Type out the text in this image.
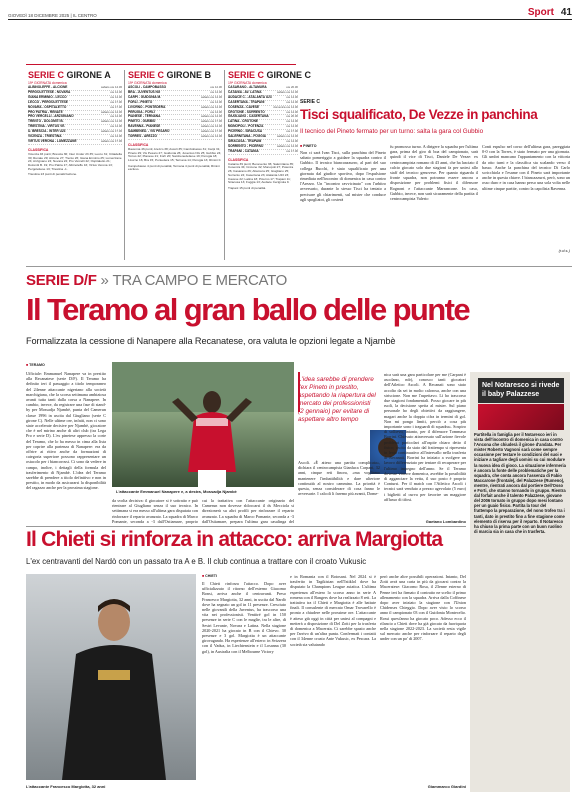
GIOVEDÌ 18 DICEMBRE 2025 | IL CENTRO	Sport 41
SERIE C GIRONE A
19ª GIORNATA domenica
ALBINOLEFFE - ALCIONE	sabato ore 14.30
PERGOLETTESE - NOVARA	ore 14.30
GIANA ERMINIO - LECCO	ore 14.30
LECCO - PERGOLETTESE	ore 17.30
NOVARA - OSPITALETTO	ore 17.30
PRO PATRIA - RENATE	sabato ore 14.30
PRO VERCELLI - ARZIGNANO	ore 14.30
TRENTO - DOLOMITI B.	sabato ore 14.30
TRIESTINA - VIRTUS VE.	ore 14.30
U. BRESCIA - INTER U23	sabato ore 17.30
VICENZA - TRIESTINA	ore 14.30
VIRTUS VERONA - LUMEZZANE	sabato ore 17.30
CLASSIFICA
Vicenza 46 punti; Brescia 36; Inter Under 23 35; Lecco 31; Cittadella 30; Renate 29; Alcione 27; Trento 26; Giana Erminio 25; Lumezzane 24; Arzignano 24; Novara 22; Pro Vercelli 22; Ospitaletto 21; Dolomiti B. 19; Pro Patria 17; Albinoleffe 16; Virtus Verona 13; Pergolettese 13; Triestina -1.
Triestina 23 punti di penalizzazione.
SERIE C GIRONE B
19ª GIORNATA domenica
ASCOLI - CAMPOBASSO	ore 12.30
BRA - JUVENTUS NG	ore 14.30
CARPI - GUIDONIA M.	sabato ore 14.30
FORLÌ - PINETO	ore 14.30
LIVORNO - PONTEDERA	sabato ore 14.30
PERUGIA - FORLÌ	ore 14.30
PIANESE - TERNANA	sabato ore 14.30
PINETO - GUBBIO	sabato ore 17.30
RAVENNA - PIANESE	sabato ore 14.30
SAMBENED. - VIS PESARO	sabato ore 17.30
TORRES - AREZZO	sabato ore 14.30
CLASSIFICA
Ravenna 46 punti; Arezzo 38; Ascoli 35; Cambobasso 31; Carpi 31; Pineto 29; Vis Pesaro 27; Guidonia 26; Juventus NG 25; Gubbio 24; Torres 22; Pianese 21; Forlì 20; Sambenedettese 19; Perugia 18; Livorno 16; Bra 15; Pontedera 15; Ternana 14; Perugia 13; Rimini 0.
Campobasso 4 punti di penalità; Ternana 4 punti di penalità; Rimini escluso.
SERIE C GIRONE C
19ª GIORNATA domenica
CASARANO - ALTAMURA	ore 20.30
CATANIA - AV. LATINA	sabato ore 12.30
AUDACE C. - ATALANTA U23	ore 14.30
CASERTANA - TRAPANI	ore 14.30
COSENZA - CAVESE	domenica ore 14.30
CROTONE - SORRENTO	ore 14.30
GIUGLIANO - CASERTANA	ore 20.30
LATINA - CROTONE	ore 14.30
MONOPOLI - POTENZA	ore 14.30
PICERNO - SIRACUSA	ore 17.30
SALERNITANA - FOGGIA	sabato ore 14.30
SIRACUSA - TRAPANI	ore 14.30
SORRENTO - PICERNO	sabato ore 14.30
TRAPANI - CATANIA	ore 17.30
CLASSIFICA
Catania 39 punti; Benevento 36; Salernitana 35; Cosenza 34; Crotone 32; Monopoli 27; Potenza 26; Casarano 26; Altamura 25; Giugliano 25; Sorrento 24; Casertana 23; Atalanta U23 23; Cavese 22; Latina 18; Picerno 17; Trapani 11; Siracusa 13; Foggia 13; Audace Cerignola 9.
Trapani 15 punti di penalità.
SERIE C
Tisci squalificato, De Vezze in panchina
Il tecnico del Pineto fermato per un turno: salta la gara col Gubbio
■ PINETO
Non ci sarà Ivan Tisci, sulla panchina del Pineto sabato pomeriggio a guidare la squadra contro il Gubbio. Il tecnico biancoazzurro, al pari del suo collega Bucchi, è stato squalificato per una giornata dal giudice sportivo, dopo l'espulsione rimediata nell'incontro di domenica in casa contro l'Arezzo. Un "incontro ravvicinato" con l'arbitro avversario, durante lo stesso Tisci ha tentato a precisare gli chiarimenti, sul mister che conduce agli spogliatoi, gli costerà
fu promosso turno. A dirigere la squadra per l'ultima gara, prima del giro di boa del campionato, sarà quindi il vice di Tisci, Daniele De Vezze: ex centrocampista romano di 43 anni, che ha lasciato il calcio giocato solo due stagioni fa per unirsi allo staff del tecnico genovese. Per quanto riguarda il fronte squadra, non potranno essere ancora a disposizione per problemi fisici il difensore Rognoni e l'attaccante Marrancone. In caso, Gubbio, invece, non sarà sicuramente della partita il centrocampista Valerio
Conti espulso nel corso dell'ultima gara, pareggiata 0-0 con la Torres, è stato fermato per una giornata. Gli umbri mancano l'appuntamento con la vittoria da otto turni e la classifica sta scalando verso il basso. Anche la panchina del tecnico Di Carlo scricchiola e l'esame con il Pineto sarà importante anche in questa chiave. I biancazzurri, però, sono un osso duro e in casa hanno perso una sola volta nelle ultime cinque partite, contro la capolista Ravenna.
(r.d.s.)
SERIE D/F » TRA CAMPO E MERCATO
Il Teramo al gran ballo delle punte
Formalizzata la cessione di Nanapere alla Recanatese, ora valuta le opzioni legate a Njambè
■ TERAMO
Ufficiale: Emmanuel Nanapere va in prestito alla Recanatese (serie D/F). Il Teramo ha definito ieri il passaggio a titolo temporaneo del 24enne attaccante nigeriano alla società marchigiana, che la scorsa settimana ambiziosa avanti tutta tanti dalla corsa a Nanapere. In cambio, invece, da registrare una fase di stand-by per Mossadja Njambè, punta del Camerun classe 1996 in uscita dal Giugliano (serie C girone C). Nelle ultime ore, infatti, non ci sono state accelerate decisive per Njambè, giocatore che è nel mirino anche di altri club (tra Lega Pro e serie D). L'ex pinetese appresso la corte del Teramo, che lo ha messo in cima alla lista per coprire alla partenza di Nanapere: era da offrire ai ritivo anche da formazioni di categoria superiore possono rappresentare un ostacolo per i biancorossi. Ci sono da vedere in campo, inoltre, i dettagli della formula del trasferimento di Njambè. L'idea del Teramo sarebbe di prendere a titolo definitivo e non in prestito, in modo da assicurarsi la disponibilità del ragazzo anche per la prossima stagione.
L'attaccante Emmanuel Nanapere e, a destra, Mossadja Njambè
da svolta decisiva: il giocatore si è sottratto e può rientrare al Giugliano senza il suo tecnico. In settimana si era messo all'ultima gara disputata con rinforzare il reparto avanzato. La squadra di Marco Pomante, seconda a -3 dall'Ostiamare, proprio
cui la trattativa con l'attaccante originario del Camerun non dovesse sbloccarsi il ds Mecciola si direzionerà su altri profili per rinforzare il reparto avanzato. La squadra di Marco Pomante, seconda a -3 dall'Ostiamare, prepara l'ultima gara casalinga del
L'idea sarebbe di prendere l'ex Pineto in prestito, aspettando la riapertura del mercato dei professionisti (2 gennaio) per evitare di aspettare altro tempo
Ascoli. «È atteso una partita complicata», dichiara il centrocampista Gianluca Carpani, 32 anni, cinque reti finora, «ma vogliamo mantenere l'imbattibilità e dare ulteriore continuità al nostro cammino. La priorità è questa, senza considerare di cosa fanno le avversarie. I calcoli li faremo più avanti, Dome-
nica sarà una gara particolare per me (Carpani è ascolano, ndr), conosco tanti giocatori dell'Atletico Ascoli. A Recanati sono stato accolto da sei in molto calorosa, anche con una striscione. Non me l'aspettavo. Lì ho trascorso due stagioni fondamentali. Posso giocare in più ruoli, la decisione spetta al mister. Sul piano personale ho degli obiettivi da raggiungere, magari anche la doppia cifra in termini di gol. Non mi pongo limiti, perciò a cosa più importante sono i traguardi di squadra». Sospiro di sollievo, intanto, per il difensore Tommaso Borrini. Chiesuto attraversato sull'azione fievole problemi particolari all'ospite chiaro detto il fisico; uscito da stato dal frattempo si ripresenta in lento continuativo all'intervallo nella trasferta di Recanati. Borrini ha iniziato a svolgere un lavoro differenziato per tentare di recuperare per l'ultimo impegno dell'anno. Se il Teramo dovesse vincere domenica, avrebbe la possibilità di agganciare la vetta, il suo posto è proprio Contursi. Per il match con l'Atletico Ascoli i tecnici sarà venduto a prezzo agevolato (5 euro) i biglietti al curva per favorire un maggiore afflusso di tifosi.
Gaetano Lombardino
Nel Notaresco si rivede il baby Palazzese
Partitella in famiglia per il Notaresco ieri in vista dell'incontro di domenica in casa contro l'Ancona che chiuderà il girone d'andata. Per mister Roberto Vagnoni sarà come sempre occasione per testare le condizioni del suoi e iniziare a tagliare degli uomini su cui modulare la nuova idea di gioco. La situazione infermeria è ancora la fonte delle problematiche per la squadra, che conta ancora l'assenza di Fabio Maccarone (frontale), del Palazzese (Rumeno), mentre, rientrati ancora dal portiere Dell'Osso e Forti, che stanno tornando in gruppo. Rientra dal forfait anche il talento Palazzese, giovane del 2006 tornato in gruppo dopo mesi lontano per un guaio fisico. Partita la tour del frattempo la preparazione, del nono trofeo tra i tanti, dato in prestito fino a fine stagione come elemento di riserva per il reparto. Il Notaresco ha chiuso la prima parte con un buon ruolino di marcia sia in casa che in trasferta.
Il Chieti si rinforza in attacco: arriva Margiotta
L'ex centravanti del Nardò con un passato tra A e B. Il club continua a trattare con il croato Vukusic
L'attaccante Francesco Margiotta, 32 anni
■ CHIETI
Il Chieti rinforza l'attacco. Dopo aver ufficializzato il ritorno dell'esterno Giacomo Bonsi, arriva anche il centravanti. Preso Francesco Margiotta, 32 anni, in uscita dal Nardò dove ha segnato un gol in 11 presenze. Cresciuto nelle giovanili della Juventus, ha trascorso una vita nei professionisti. Ventitré gol in 150 presenze in serie C con le maglie, tra le altre, di Sestri Levante, Novara e Latina. Nella stagione 2020-2021 ha giocato in B con il Chievo. 30 presenze e 3 gol. Margiotta è un attaccante girovagando. Ha esperienze all'estero: in Svizzera con il Vaduz, in Liechtenstein e il Losanna (30 gol), in Australia con il Melbourne Victory
e in Romania con il Botosani. Nel 2024 si è trasferito in Tagikistan nell'Istiklol dove ha disputato la Champions League asiatica. L'ultima esperienza all'estero lo scorso anno in serie A romena con il Rangers dove ha realizzato 8 reti. La trattativa tra il Chieti e Margiotta è alle battute finali. Il consulente di mercato Omar Trovarello è pronto a chiudere nelle prossime ore. L'attaccante è atteso già oggi in città per unirsi al compagni e metterà a disposizione di Del Zotti per la trasferta di domenica a Macerata. Ci sarebbe spazio anche per l'arrivo di un'altra punta. Confermati i contatti con il 34enne croato Ante Vukusic, ex Pescara. La società sta valutando
però anche altre possibili operazioni. Intanto, Del Zotti avrà una carta in più da giocarsi contro la Maceratese: Giacomo Rosa, il 23enne esterno di Penne ieri ha firmato il contratto ne scelto il primo allenamento con la squadra. Arriva dalla Coffinese dopo aver iniziato la stagione con l'Union Chidenses Chieggio. Dopo aver visto lo scorso anno il campionato 03 con il Guidonia Montecelio. Rossi quest'anno ha giocato poco. Adesso ecco il rilancio a Chieti dove ha già giocato da fuoriquota nella stagione 2022-2023. La società resta vigile sul mercato anche per rinforzare il reparto degli under con un po' di 2007.
Giammarco Giardini
